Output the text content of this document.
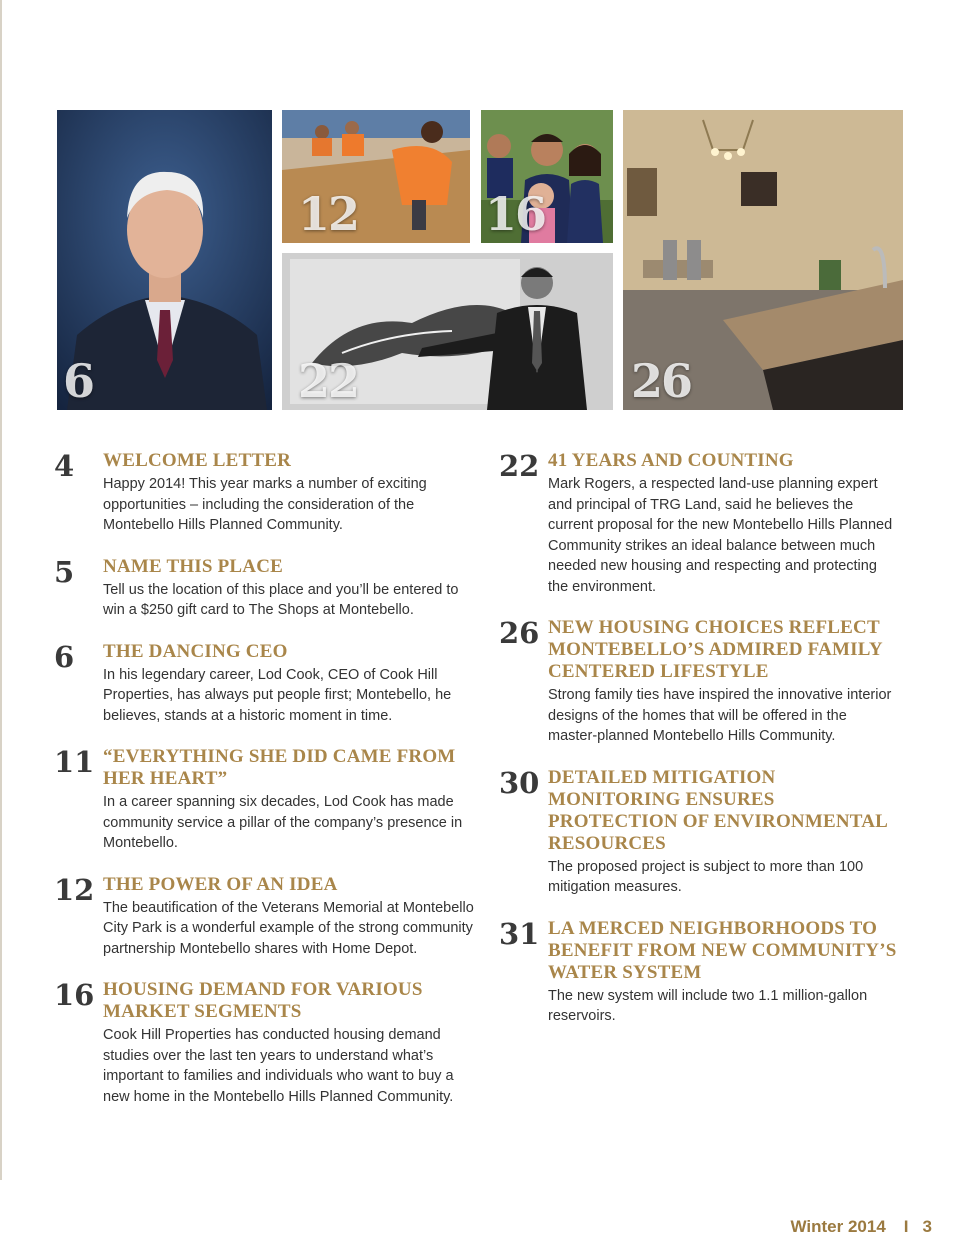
6
12	16
22	26
4	WELCOME LETTER
Happy 2014! This year marks a number of exciting opportunities – including the consideration of the Montebello Hills Planned Community.
5	NAME THIS PLACE
Tell us the location of this place and you’ll be entered to win a $250 gift card to The Shops at Montebello.
6	THE DANCING CEO
In his legendary career, Lod Cook, CEO of Cook Hill Properties, has always put people first; Montebello, he believes, stands at a historic moment in time.
11 “EVERYTHING SHE DID CAME FROM HER HEART”
In a career spanning six decades, Lod Cook has made community service a pillar of the company’s presence in Montebello.
12 THE POWER OF AN IDEA
The beautification of the Veterans Memorial at Montebello City Park is a wonderful example of the strong community partnership Montebello shares with Home Depot.
16 HOUSING DEMAND FOR VARIOUS MARKET SEGMENTS
Cook Hill Properties has conducted housing demand studies over the last ten years to understand what’s important to families and individuals who want to buy a new home in the Montebello Hills Planned Community.
22 41 YEARS AND COUNTING
Mark Rogers, a respected land-use planning expert and principal of TRG Land, said he believes the current proposal for the new Montebello Hills Planned Community strikes an ideal balance between much needed new housing and respecting and protecting the environment.
26 NEW HOUSING CHOICES REFLECT MONTEBELLO’S ADMIRED FAMILY CENTERED LIFESTYLE
Strong family ties have inspired the innovative interior designs of the homes that will be offered in the master-planned Montebello Hills Community.
30 DETAILED MITIGATION MONITORING ENSURES PROTECTION OF ENVIRONMENTAL RESOURCES
The proposed project is subject to more than 100 mitigation measures.
31 LA MERCED NEIGHBORHOODS TO BENEFIT FROM NEW COMMUNITY’S WATER SYSTEM
The new system will include two 1.1 million-gallon reservoirs.
Winter 2014 I 3
